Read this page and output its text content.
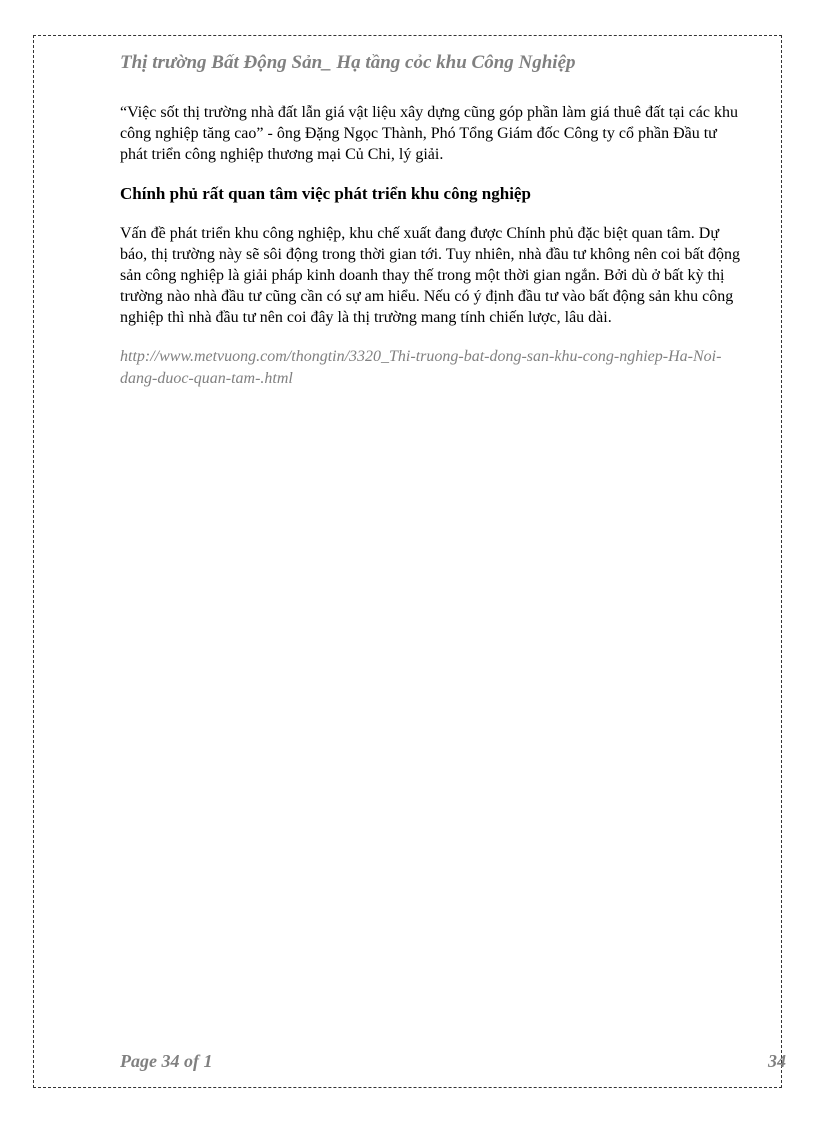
Thị trường Bất Động Sản_ Hạ tầng cỏc khu Công Nghiệp

“Việc sốt thị trường nhà đất lẫn giá vật liệu xây dựng cũng góp phần làm giá thuê đất tại các khu công nghiệp tăng cao” - ông Đặng Ngọc Thành, Phó Tổng Giám đốc Công ty cổ phần Đầu tư phát triển công nghiệp thương mại Củ Chi, lý giải.

Chính phủ rất quan tâm việc phát triển khu công nghiệp

Vấn đề phát triển khu công nghiệp, khu chế xuất đang được Chính phủ đặc biệt quan tâm. Dự báo, thị trường này sẽ sôi động trong thời gian tới. Tuy nhiên, nhà đầu tư không nên coi bất động sản công nghiệp là giải pháp kinh doanh thay thế trong một thời gian ngắn. Bởi dù ở bất kỳ thị trường nào nhà đầu tư cũng cần có sự am hiểu. Nếu có ý định đầu tư vào bất động sản khu công nghiệp thì nhà đầu tư nên coi đây là thị trường mang tính chiến lược, lâu dài.

http://www.metvuong.com/thongtin/3320_Thi-truong-bat-dong-san-khu-cong-nghiep-Ha-Noi-dang-duoc-quan-tam-.html

Page 34 of 1	34
